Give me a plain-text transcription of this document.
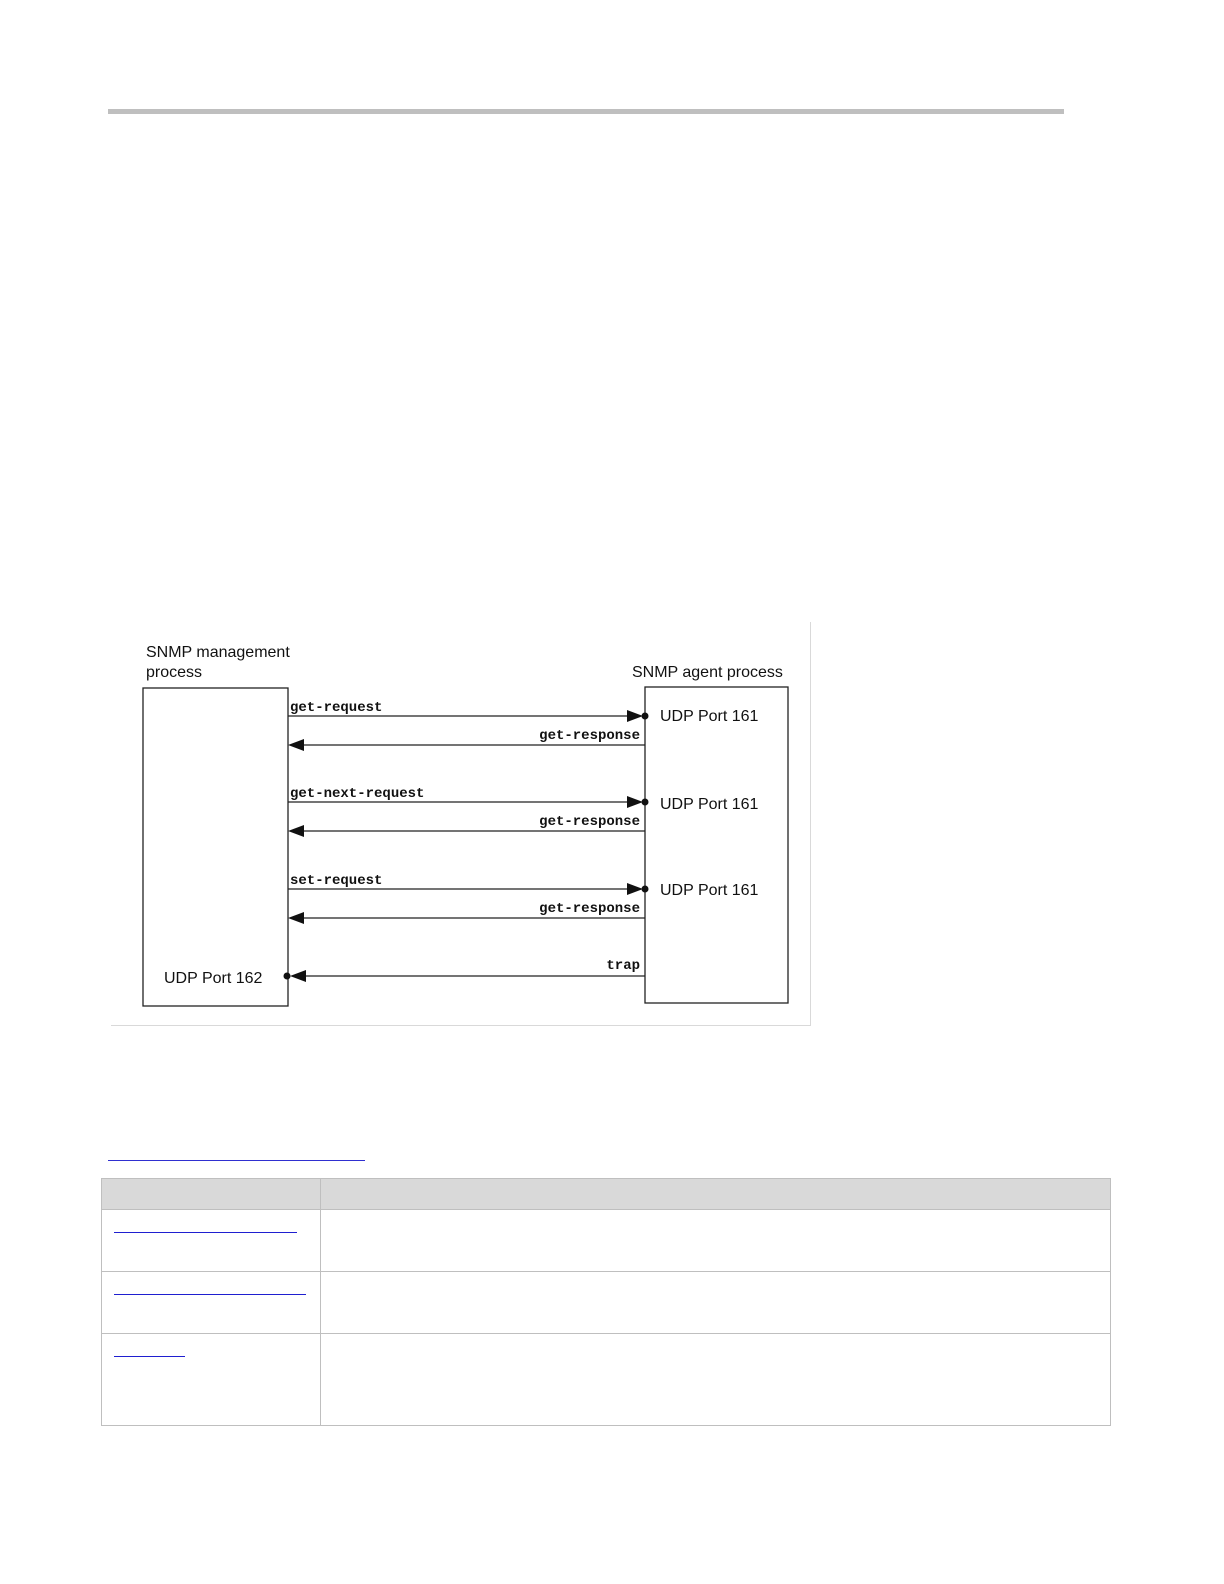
SNMP management
process	SNMP agent process
get-request	UDP Port 161
get-response
get-next-request
UDP Port 161
get-response
set-request
UDP Port 161
get-response
trap
UDP Port 162
